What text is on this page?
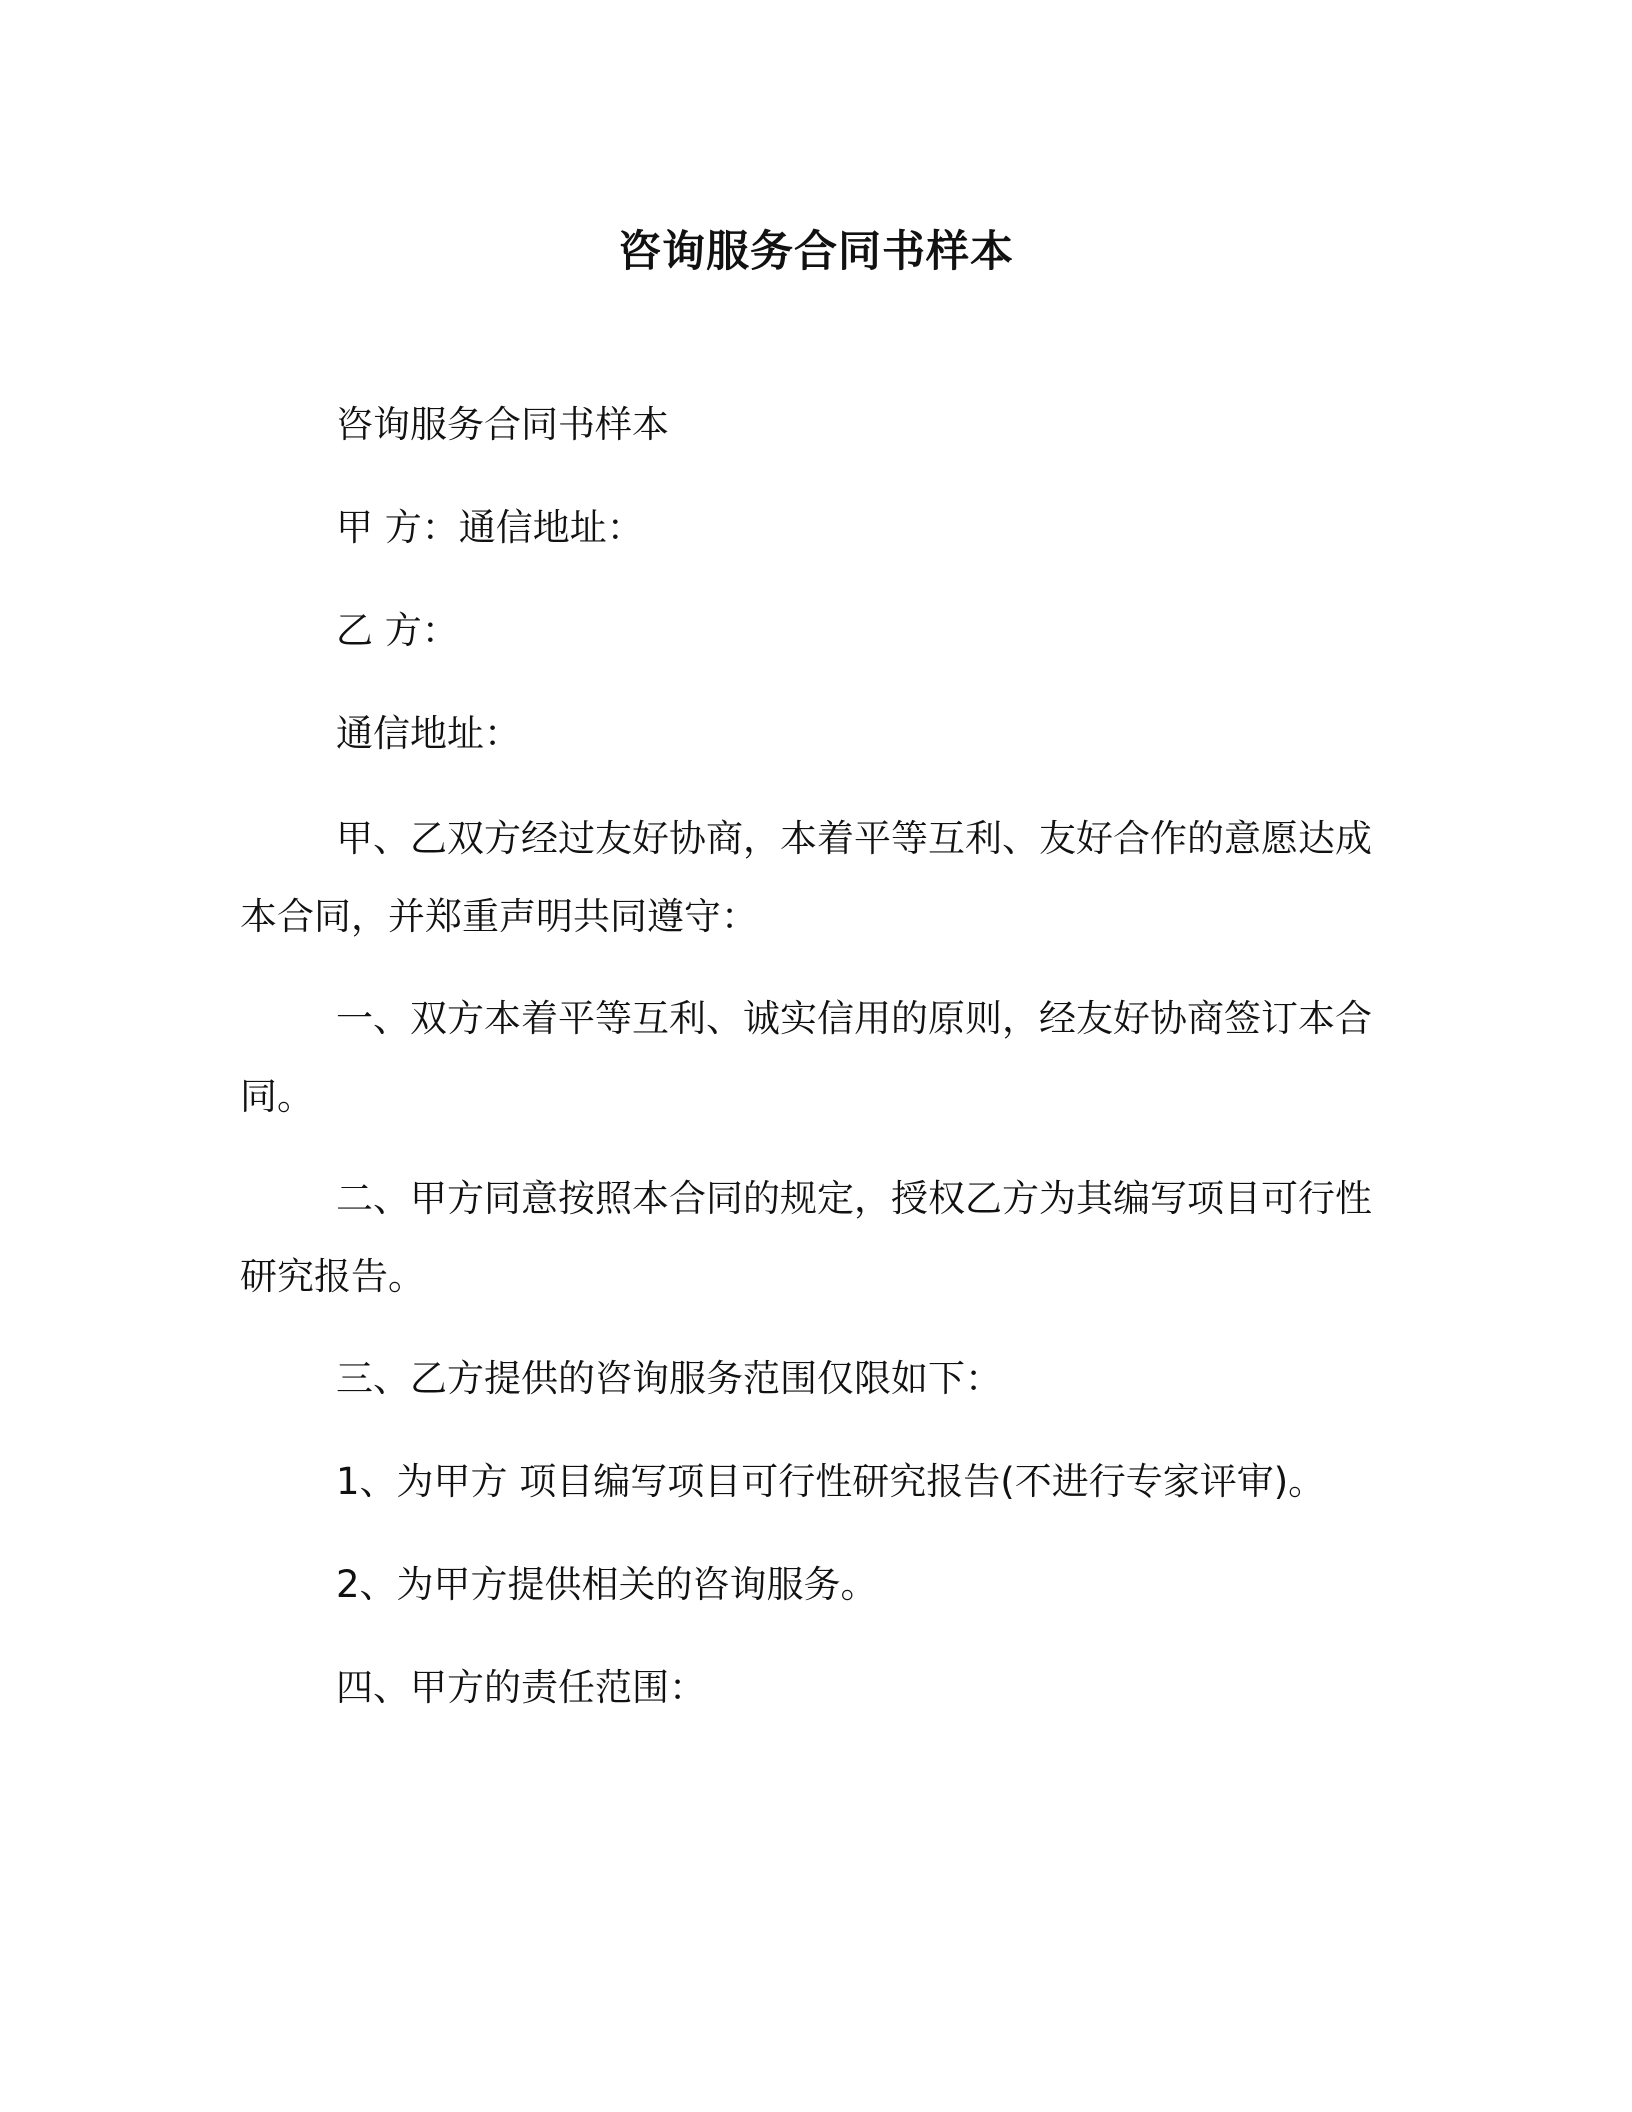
咨询服务合同书样本

咨询服务合同书样本

甲 方：通信地址：

乙 方：

通信地址：

甲、乙双方经过友好协商，本着平等互利、友好合作的意愿达成本合同，并郑重声明共同遵守：

一、双方本着平等互利、诚实信用的原则，经友好协商签订本合同。

二、甲方同意按照本合同的规定，授权乙方为其编写项目可行性研究报告。

三、乙方提供的咨询服务范围仅限如下：

1、为甲方 项目编写项目可行性研究报告(不进行专家评审)。

2、为甲方提供相关的咨询服务。

四、甲方的责任范围：
